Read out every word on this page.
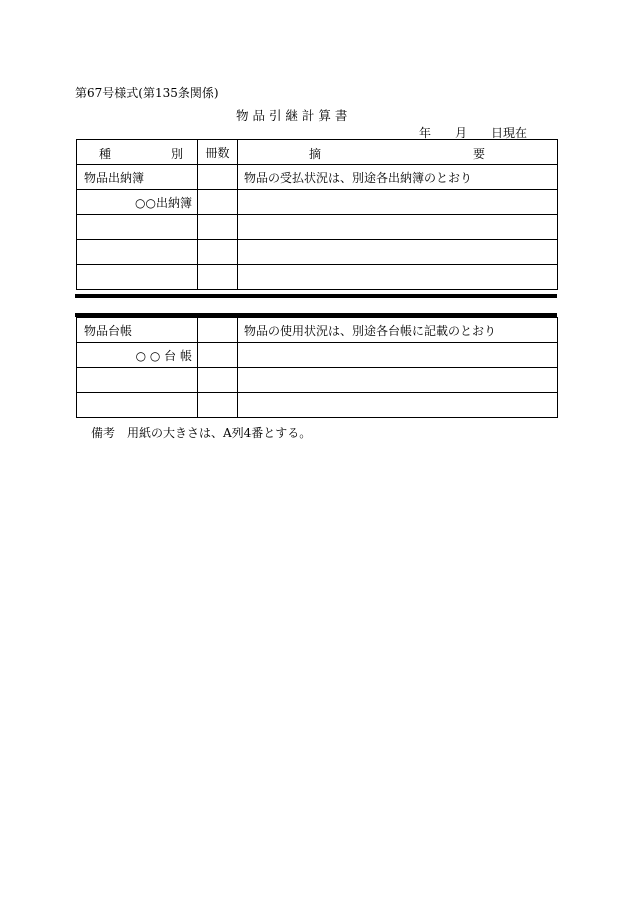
第67号様式(第135条関係)
物 品 引 継 計 算 書
年　　月　　日現在
種 別	冊数	摘 要

物品出納簿		物品の受払状況は、別途各出納簿のとおり
○○出納簿		

物品台帳		物品の使用状況は、別途各台帳に記載のとおり
○ ○ 台 帳		

備考　用紙の大きさは、A列4番とする。
